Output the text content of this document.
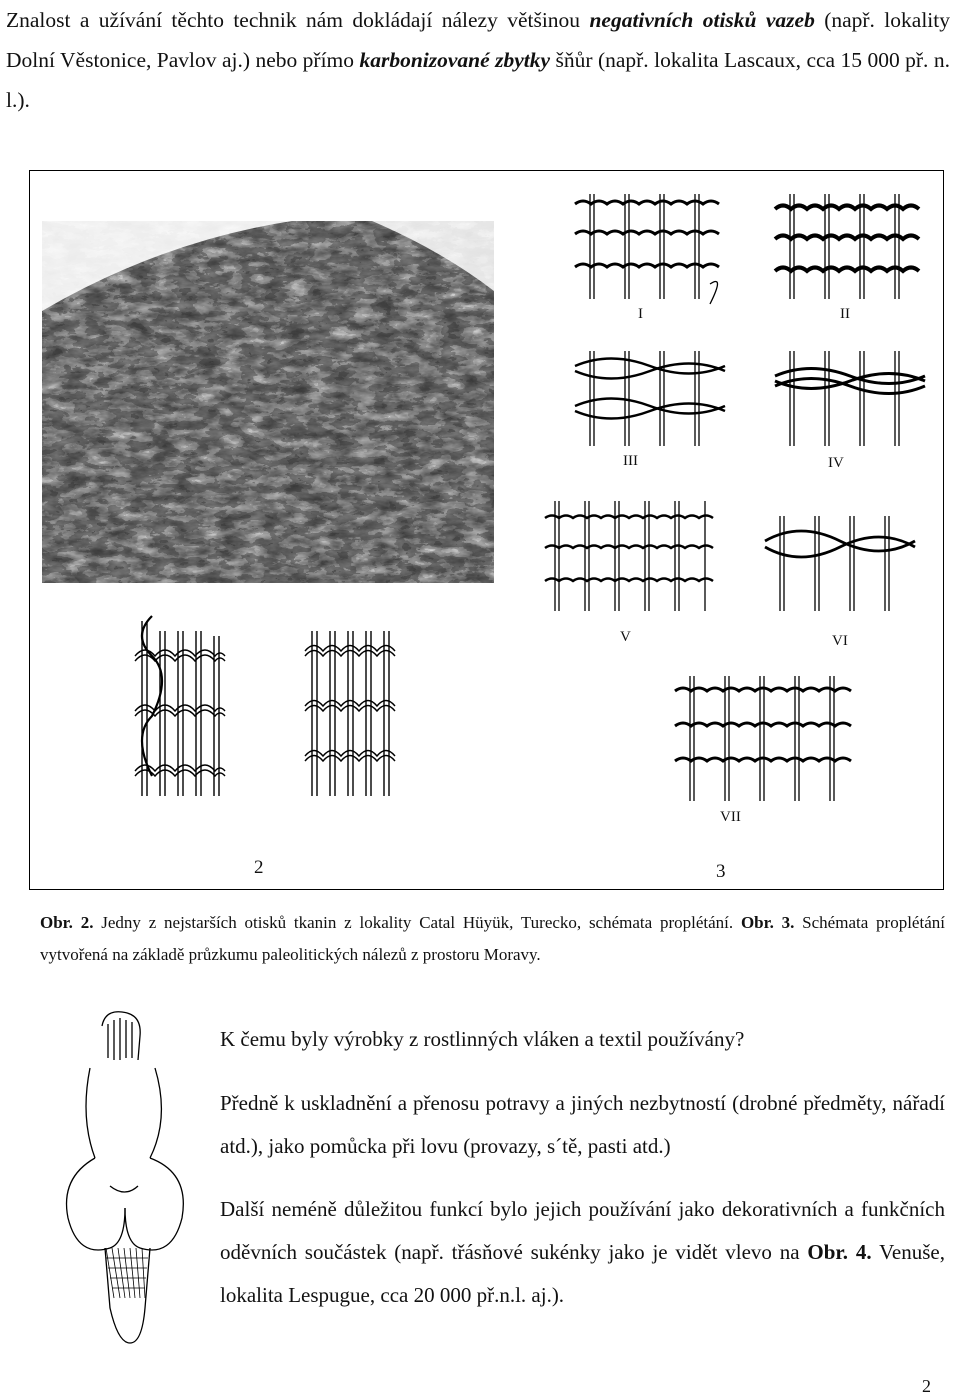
Znalost a užívání těchto technik nám dokládají nálezy většinou negativních otisků vazeb (např. lokality Dolní Věstonice, Pavlov aj.) nebo přímo karbonizované zbytky šňůr (např. lokalita Lascaux, cca 15 000 př. n. l.).
I	II
III	IV
V	VI
VII
2	3
Obr. 2. Jedny z nejstarších otisků tkanin z lokality Catal Hüyük, Turecko, schémata proplétání. Obr. 3. Schémata proplétání vytvořená na základě průzkumu paleolitických nálezů z prostoru Moravy.
K čemu byly výrobky z rostlinných vláken a textil používány?
Předně k uskladnění a přenosu potravy a jiných nezbytností (drobné předměty, nářadí atd.), jako pomůcka při lovu (provazy, s´tě, pasti atd.)
Další neméně důležitou funkcí bylo jejich používání jako dekorativních a funkčních oděvních součástek (např. třásňové sukénky jako je vidět vlevo na Obr. 4. Venuše, lokalita Lespugue, cca 20 000 př.n.l. aj.).
2
